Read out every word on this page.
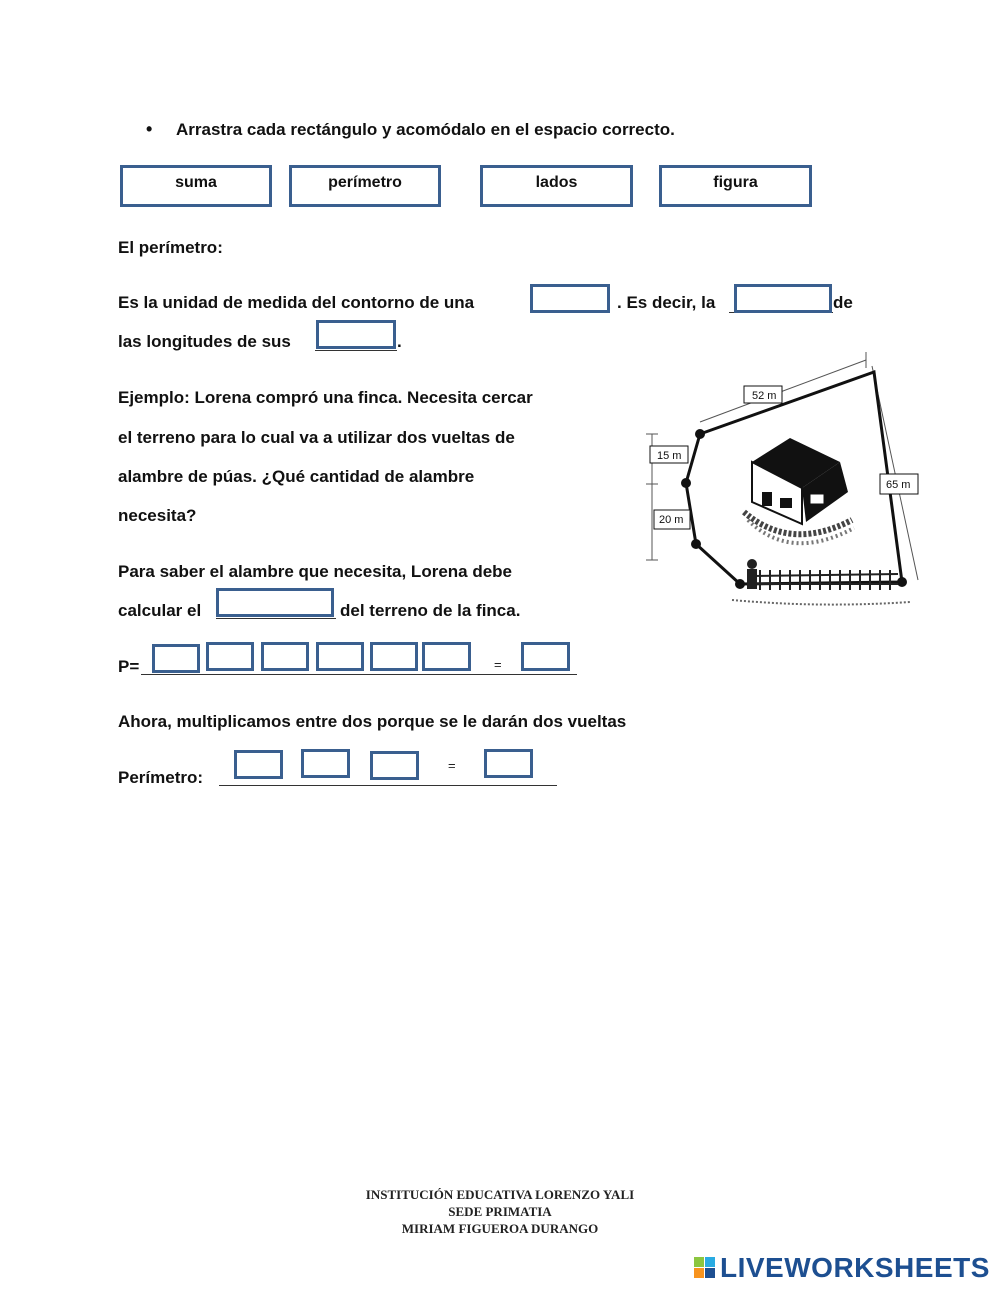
• Arrastra cada rectángulo y acomódalo en el espacio correcto.
suma	perímetro	lados	figura
El perímetro:
Es la unidad de medida del contorno de una	. Es decir, la	de
las longitudes de sus	.
Ejemplo: Lorena compró una finca. Necesita cercar
el terreno para lo cual va a utilizar dos vueltas de
alambre de púas. ¿Qué cantidad de alambre
necesita?
52 m
15 m
65 m
20 m
Para saber el alambre que necesita, Lorena debe
calcular el	del terreno de la finca.
P=	=
Ahora, multiplicamos entre dos porque se le darán dos vueltas
Perímetro:
=
INSTITUCIÓN EDUCATIVA LORENZO YALI
SEDE PRIMATIA
MIRIAM FIGUEROA DURANGO
LIVEWORKSHEETS
